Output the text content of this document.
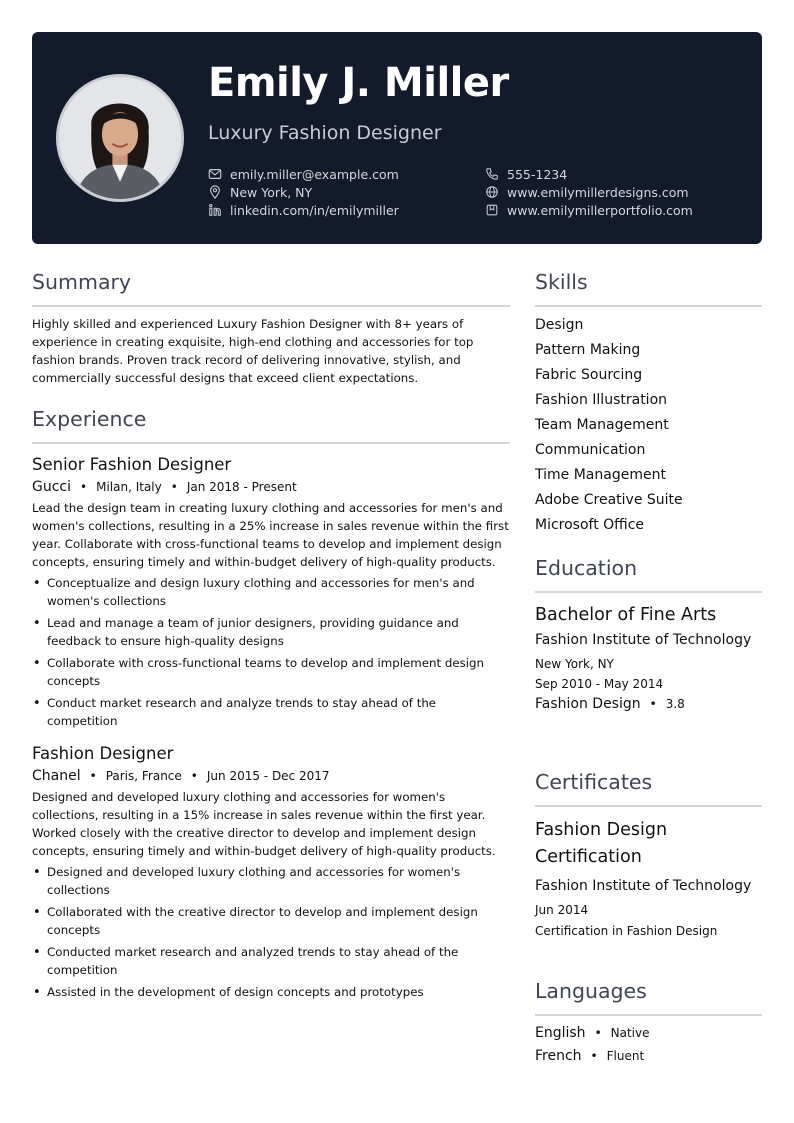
Emily J. Miller
Luxury Fashion Designer
emily.miller@example.com
New York, NY
linkedin.com/in/emilymiller
555-1234
www.emilymillerdesigns.com
www.emilymillerportfolio.com
Summary
Highly skilled and experienced Luxury Fashion Designer with 8+ years of experience in creating exquisite, high-end clothing and accessories for top fashion brands. Proven track record of delivering innovative, stylish, and commercially successful designs that exceed client expectations.
Experience
Senior Fashion Designer
Gucci • Milan, Italy • Jan 2018 - Present
Lead the design team in creating luxury clothing and accessories for men's and women's collections, resulting in a 25% increase in sales revenue within the first year. Collaborate with cross-functional teams to develop and implement design concepts, ensuring timely and within-budget delivery of high-quality products.
• Conceptualize and design luxury clothing and accessories for men's and women's collections
• Lead and manage a team of junior designers, providing guidance and feedback to ensure high-quality designs
• Collaborate with cross-functional teams to develop and implement design concepts
• Conduct market research and analyze trends to stay ahead of the competition
Fashion Designer
Chanel • Paris, France • Jun 2015 - Dec 2017
Designed and developed luxury clothing and accessories for women's collections, resulting in a 15% increase in sales revenue within the first year. Worked closely with the creative director to develop and implement design concepts, ensuring timely and within-budget delivery of high-quality products.
• Designed and developed luxury clothing and accessories for women's collections
• Collaborated with the creative director to develop and implement design concepts
• Conducted market research and analyzed trends to stay ahead of the competition
• Assisted in the development of design concepts and prototypes
Skills
Design
Pattern Making
Fabric Sourcing
Fashion Illustration
Team Management
Communication
Time Management
Adobe Creative Suite
Microsoft Office
Education
Bachelor of Fine Arts
Fashion Institute of Technology
New York, NY
Sep 2010 - May 2014
Fashion Design • 3.8
Certificates
Fashion Design Certification
Fashion Institute of Technology
Jun 2014
Certification in Fashion Design
Languages
English • Native
French • Fluent
